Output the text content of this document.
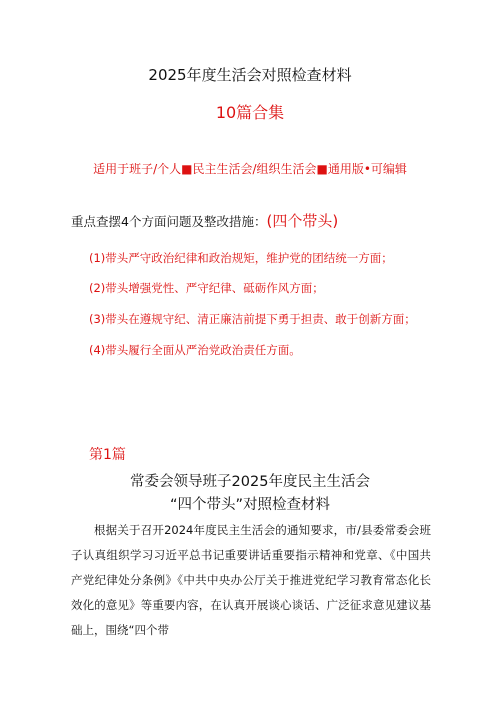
2025年度生活会对照检查材料
10篇合集
适用于班子/个人■民主生活会/组织生活会■通用版•可编辑
重点查摆4个方面问题及整改措施：(四个带头)
(1)带头严守政治纪律和政治规矩，维护党的团结统一方面；
(2)带头增强党性、严守纪律、砥砺作风方面；
(3)带头在遵规守纪、清正廉洁前提下勇于担责、敢于创新方面；
(4)带头履行全面从严治党政治责任方面。
第1篇
常委会领导班子2025年度民主生活会
“四个带头”对照检查材料
根据关于召开2024年度民主生活会的通知要求，市/县委常委会班子认真组织学习习近平总书记重要讲话重要指示精神和党章、《中国共产党纪律处分条例》《中共中央办公厅关于推进党纪学习教育常态化长效化的意见》等重要内容，在认真开展谈心谈话、广泛征求意见建议基础上，围绕“四个带
